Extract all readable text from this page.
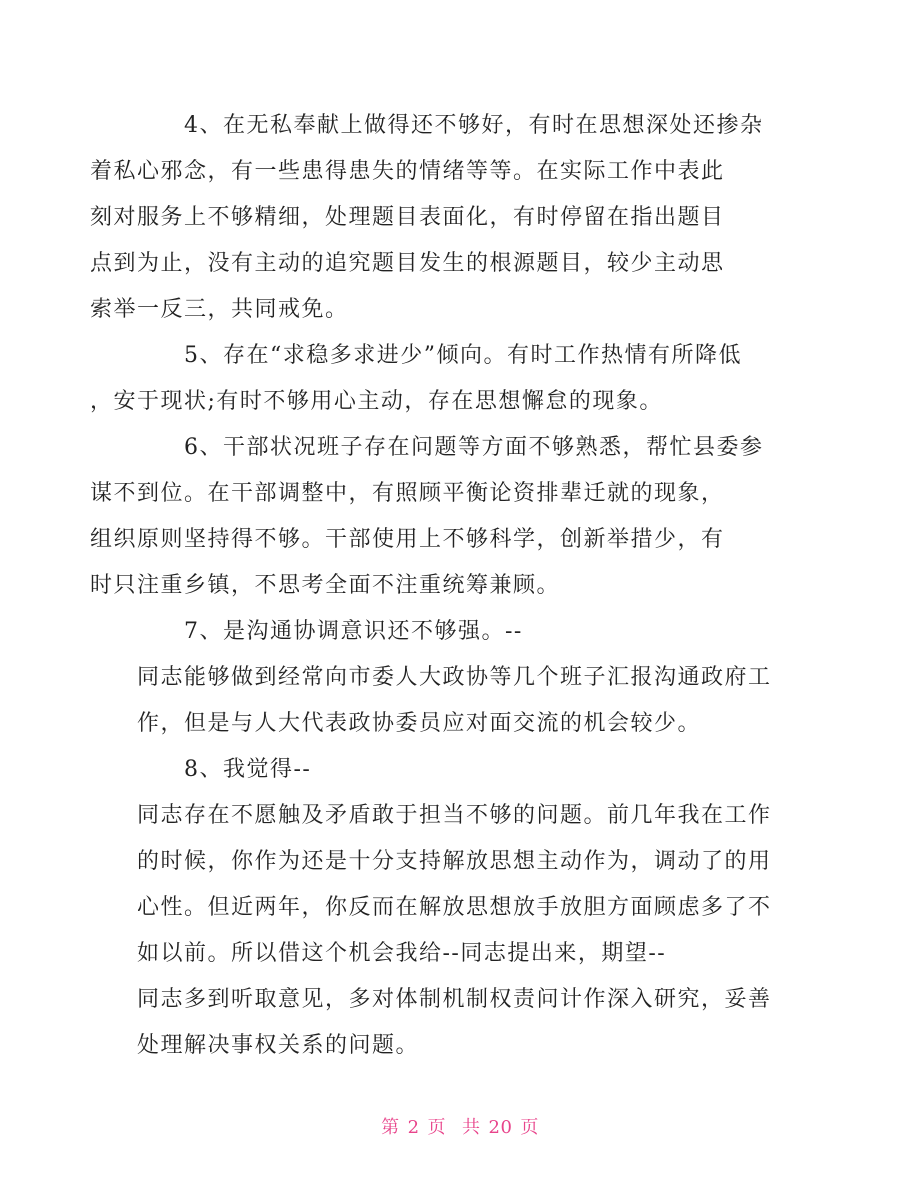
4、在无私奉献上做得还不够好，有时在思想深处还掺杂
着私心邪念，有一些患得患失的情绪等等。在实际工作中表此
刻对服务上不够精细，处理题目表面化，有时停留在指出题目
点到为止，没有主动的追究题目发生的根源题目，较少主动思
索举一反三，共同戒免。

5、存在“求稳多求进少”倾向。有时工作热情有所降低
，安于现状;有时不够用心主动，存在思想懈怠的现象。

6、干部状况班子存在问题等方面不够熟悉，帮忙县委参
谋不到位。在干部调整中，有照顾平衡论资排辈迁就的现象，
组织原则坚持得不够。干部使用上不够科学，创新举措少，有
时只注重乡镇，不思考全面不注重统筹兼顾。

7、是沟通协调意识还不够强。--

同志能够做到经常向市委人大政协等几个班子汇报沟通政府工
作，但是与人大代表政协委员应对面交流的机会较少。

8、我觉得--

同志存在不愿触及矛盾敢于担当不够的问题。前几年我在工作
的时候，你作为还是十分支持解放思想主动作为，调动了的用
心性。但近两年，你反而在解放思想放手放胆方面顾虑多了不
如以前。所以借这个机会我给--同志提出来，期望--

同志多到听取意见，多对体制机制权责问计作深入研究，妥善
处理解决事权关系的问题。

第 2 页 共 20 页
